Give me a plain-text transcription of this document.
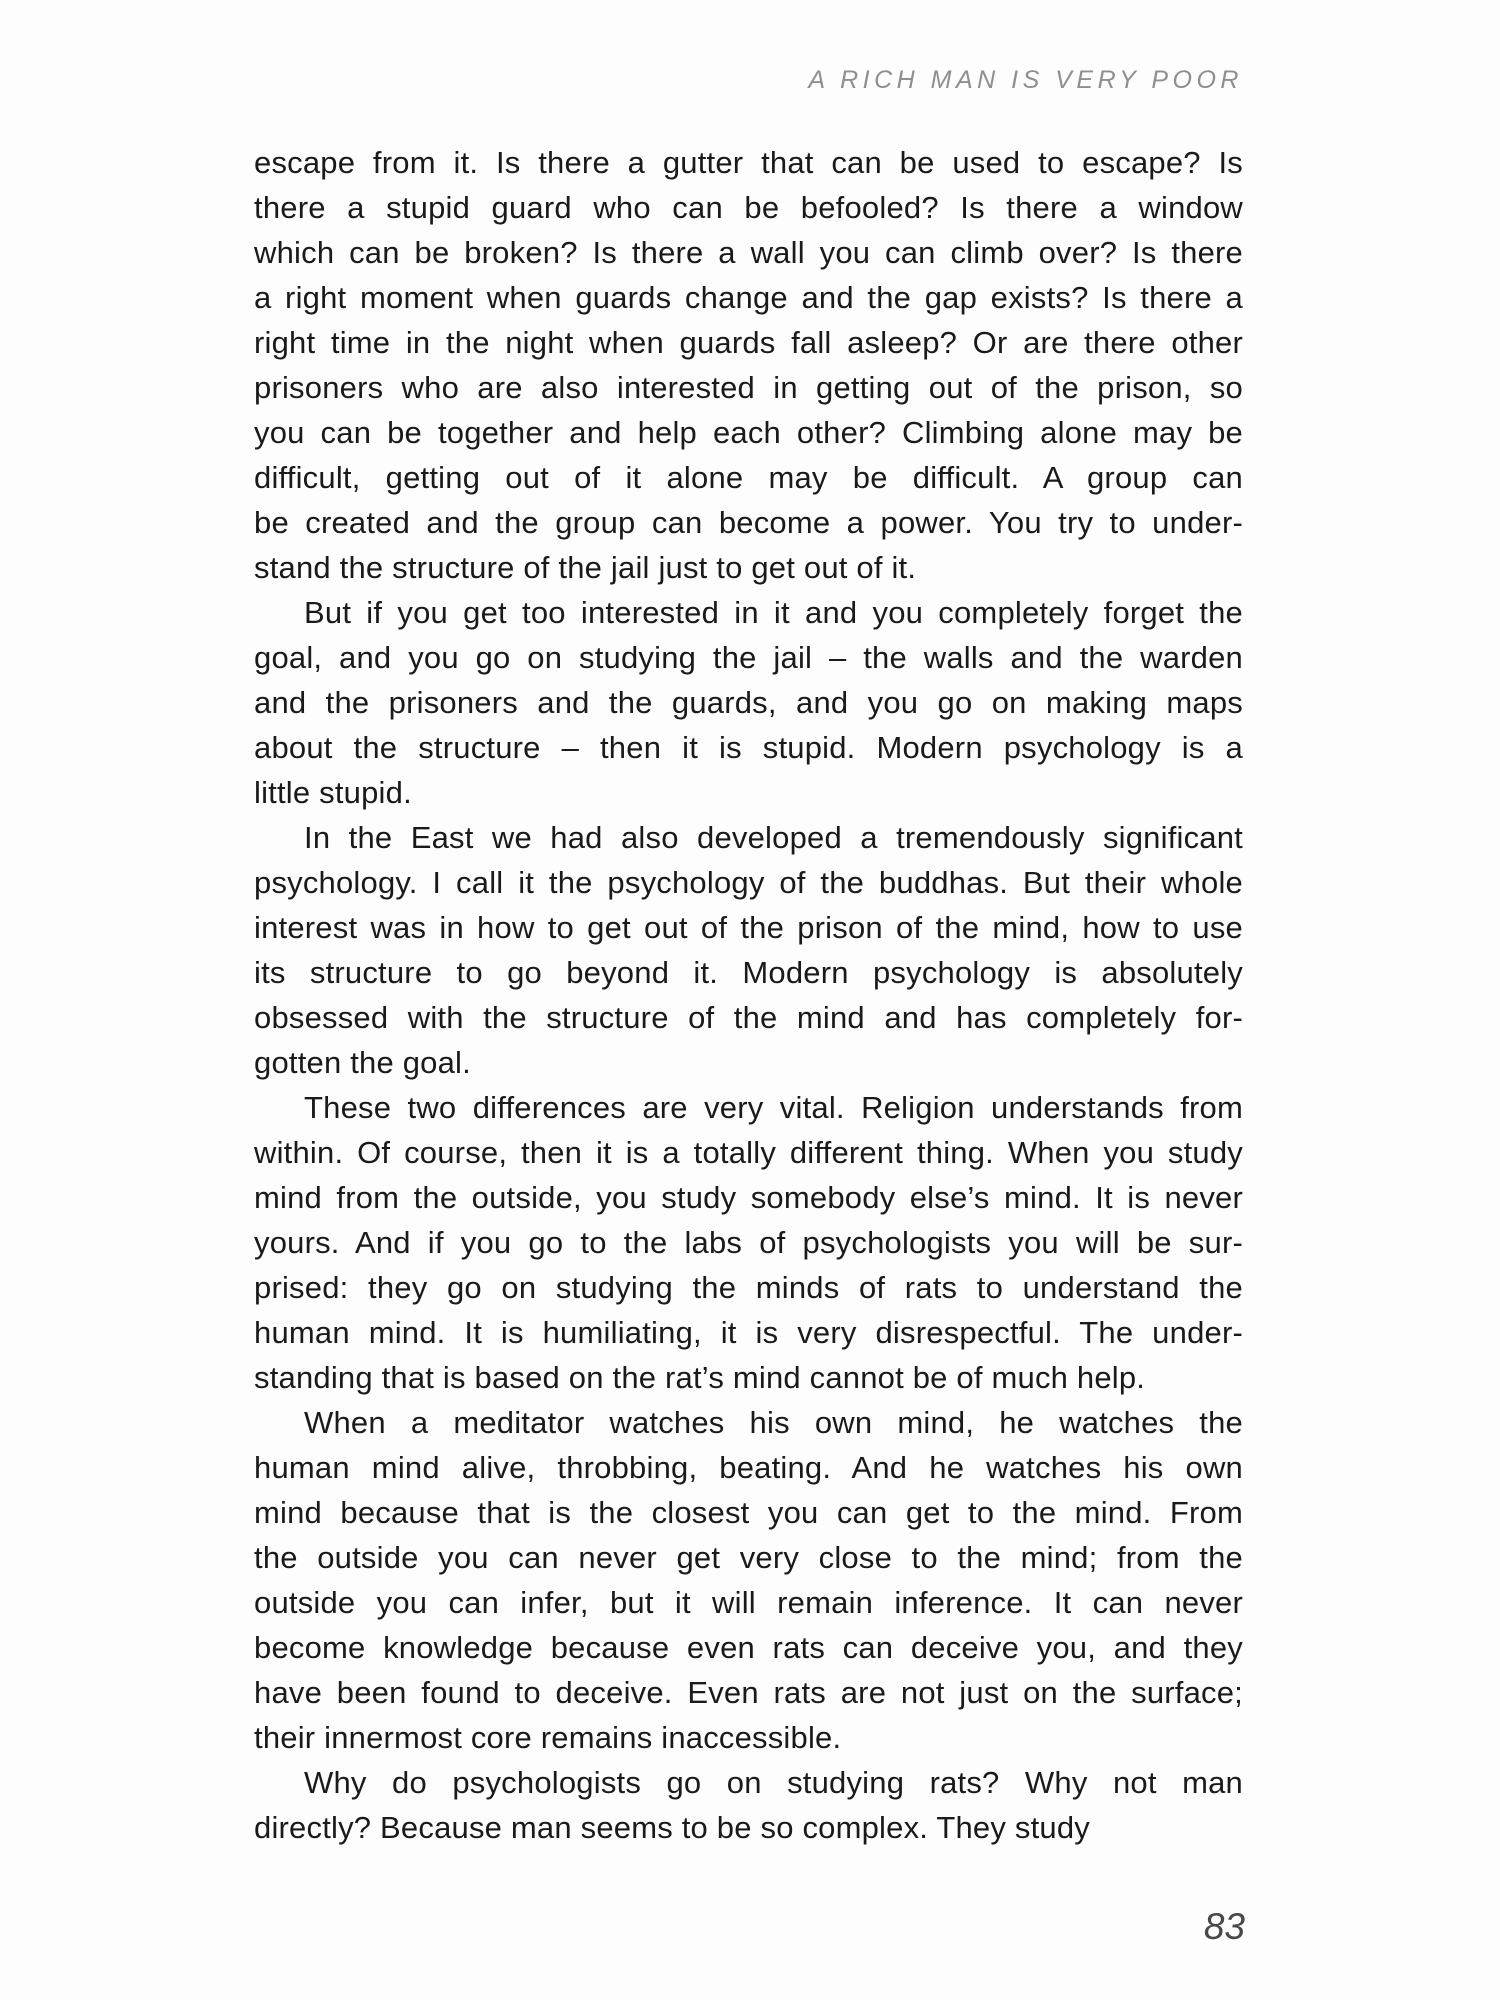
A RICH MAN IS VERY POOR
escape from it. Is there a gutter that can be used to escape? Is
there a stupid guard who can be befooled? Is there a window
which can be broken? Is there a wall you can climb over? Is there
a right moment when guards change and the gap exists? Is there a
right time in the night when guards fall asleep? Or are there other
prisoners who are also interested in getting out of the prison, so
you can be together and help each other? Climbing alone may be
difficult, getting out of it alone may be difficult. A group can
be created and the group can become a power. You try to under-
stand the structure of the jail just to get out of it.
But if you get too interested in it and you completely forget the
goal, and you go on studying the jail – the walls and the warden
and the prisoners and the guards, and you go on making maps
about the structure – then it is stupid. Modern psychology is a
little stupid.
In the East we had also developed a tremendously significant
psychology. I call it the psychology of the buddhas. But their whole
interest was in how to get out of the prison of the mind, how to use
its structure to go beyond it. Modern psychology is absolutely
obsessed with the structure of the mind and has completely for-
gotten the goal.
These two differences are very vital. Religion understands from
within. Of course, then it is a totally different thing. When you study
mind from the outside, you study somebody else’s mind. It is never
yours. And if you go to the labs of psychologists you will be sur-
prised: they go on studying the minds of rats to understand the
human mind. It is humiliating, it is very disrespectful. The under-
standing that is based on the rat’s mind cannot be of much help.
When a meditator watches his own mind, he watches the
human mind alive, throbbing, beating. And he watches his own
mind because that is the closest you can get to the mind. From
the outside you can never get very close to the mind; from the
outside you can infer, but it will remain inference. It can never
become knowledge because even rats can deceive you, and they
have been found to deceive. Even rats are not just on the surface;
their innermost core remains inaccessible.
Why do psychologists go on studying rats? Why not man
directly? Because man seems to be so complex. They study
83
